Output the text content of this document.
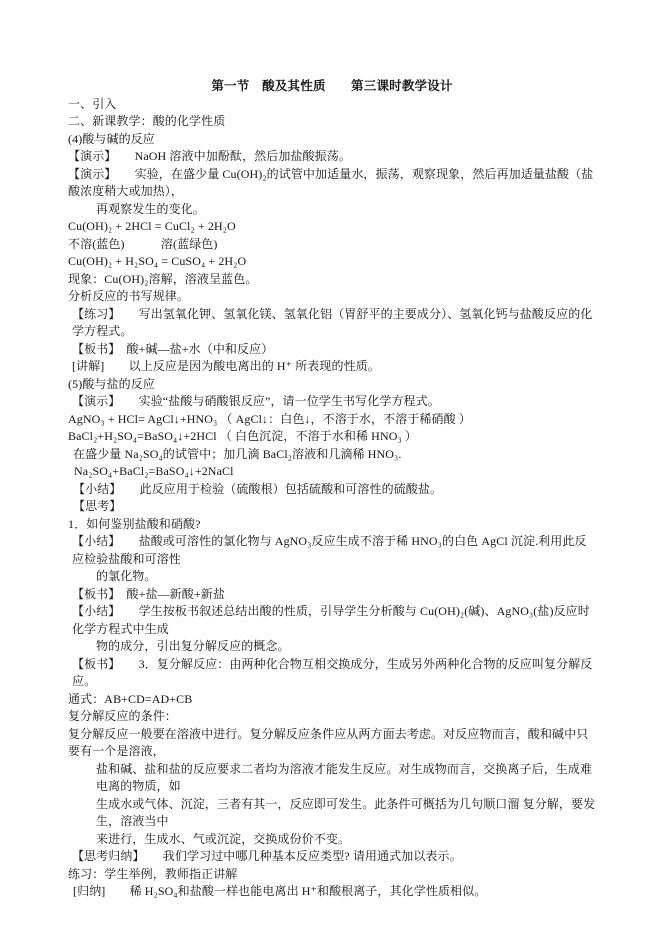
第一节　酸及其性质　　第三课时教学设计
一、引入
二、新课教学：酸的化学性质
(4)酸与碱的反应
【演示】　　NaOH 溶液中加酚酞，然后加盐酸振荡。
【演示】　　实验，在盛少量 Cu(OH)₂的试管中加适量水，振荡，观察现象，然后再加适量盐酸（盐酸浓度稍大或加热），
再观察发生的变化。
Cu(OH)₂ + 2HCl = CuCl₂ + 2H₂O
不溶(蓝色)　　　溶(蓝绿色)
Cu(OH)₂ + H₂SO₄ = CuSO₄ + 2H₂O
现象：Cu(OH)₂溶解，溶液呈蓝色。
分析反应的书写规律。
【练习】　　写出氢氧化钾、氢氧化镁、氢氧化铝（胃舒平的主要成分）、氢氧化钙与盐酸反应的化学方程式。
【板书】　酸+碱—盐+水（中和反应）
[讲解]　　以上反应是因为酸电离出的 H⁺ 所表现的性质。
(5)酸与盐的反应
【演示】　　实验“盐酸与硝酸银反应”，请一位学生书写化学方程式。
AgNO₃ + HCl= AgCl↓+HNO₃ （ AgCl↓：白色↓，不溶于水，不溶于稀硝酸 ）
BaCl₂+H₂SO₄=BaSO₄↓+2HCl （ 白色沉淀，不溶于水和稀 HNO₃ ）
在盛少量 Na₂SO₄的试管中；加几滴 BaCl₂溶液和几滴稀 HNO₃.
Na₂SO₄+BaCl₂=BaSO₄↓+2NaCl
【小结】　　此反应用于检验（硫酸根）包括硫酸和可溶性的硫酸盐。
【思考】
1．如何鉴别盐酸和硝酸?
【小结】　　盐酸或可溶性的氯化物与 AgNO₃反应生成不溶于稀 HNO₃的白色 AgCl 沉淀.利用此反应检验盐酸和可溶性
的氯化物。
【板书】　酸+盐—新酸+新盐
【小结】　　学生按板书叙述总结出酸的性质，引导学生分析酸与 Cu(OH)₂(碱)、AgNO₃(盐)反应时化学方程式中生成
物的成分，引出复分解反应的概念。
【板书】　　3．复分解反应：由两种化合物互相交换成分，生成另外两种化合物的反应叫复分解反应。
通式：AB+CD=AD+CB
复分解反应的条件：
复分解反应一般要在溶液中进行。复分解反应条件应从两方面去考虑。对反应物而言，酸和碱中只要有一个是溶液，
盐和碱、盐和盐的反应要求二者均为溶液才能发生反应。对生成物而言，交换离子后，生成难电离的物质，如
生成水或气体、沉淀，三者有其一，反应即可发生。此条件可概括为几句顺口溜 复分解，要发生，溶液当中
来进行，生成水、气或沉淀，交换成份价不变。
【思考归纳】　　我们学习过中哪几种基本反应类型? 请用通式加以表示。
练习：学生举例，教师指正讲解
[归纳]　　稀 H₂SO₄和盐酸一样也能电离出 H⁺和酸根离子，其化学性质相似。
